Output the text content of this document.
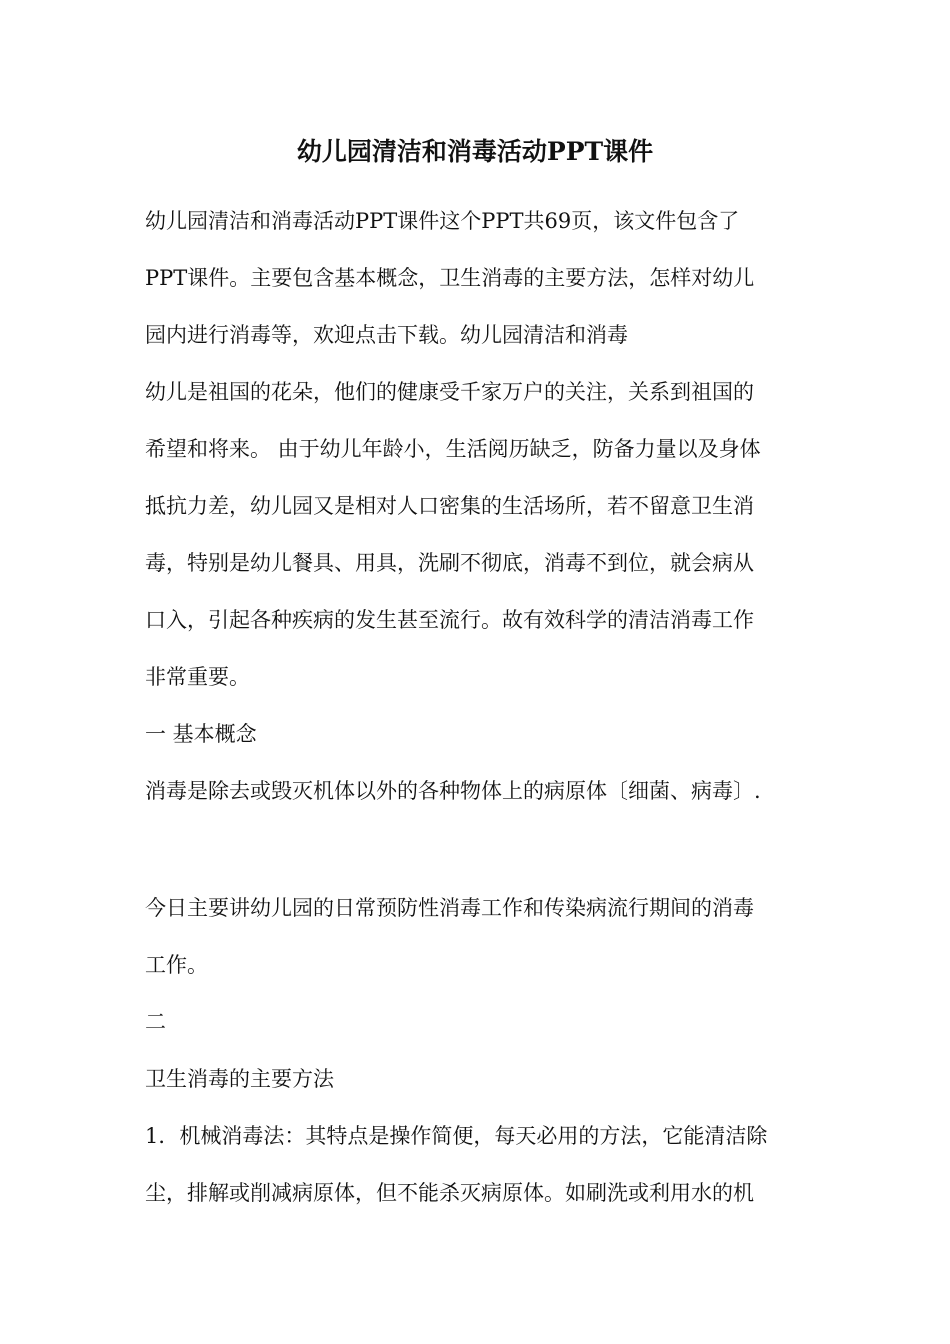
幼儿园清洁和消毒活动PPT课件
幼儿园清洁和消毒活动PPT课件这个PPT共69页，该文件包含了
PPT课件。主要包含基本概念，卫生消毒的主要方法，怎样对幼儿
园内进行消毒等，欢迎点击下载。幼儿园清洁和消毒
幼儿是祖国的花朵，他们的健康受千家万户的关注，关系到祖国的
希望和将来。 由于幼儿年龄小，生活阅历缺乏，防备力量以及身体
抵抗力差，幼儿园又是相对人口密集的生活场所，若不留意卫生消
毒，特别是幼儿餐具、用具，洗刷不彻底，消毒不到位，就会病从
口入，引起各种疾病的发生甚至流行。故有效科学的清洁消毒工作
非常重要。
一 基本概念
消毒是除去或毁灭机体以外的各种物体上的病原体〔细菌、病毒〕.
今日主要讲幼儿园的日常预防性消毒工作和传染病流行期间的消毒
工作。
二
卫生消毒的主要方法
1．机械消毒法：其特点是操作简便，每天必用的方法，它能清洁除
尘，排解或削减病原体，但不能杀灭病原体。如刷洗或利用水的机
